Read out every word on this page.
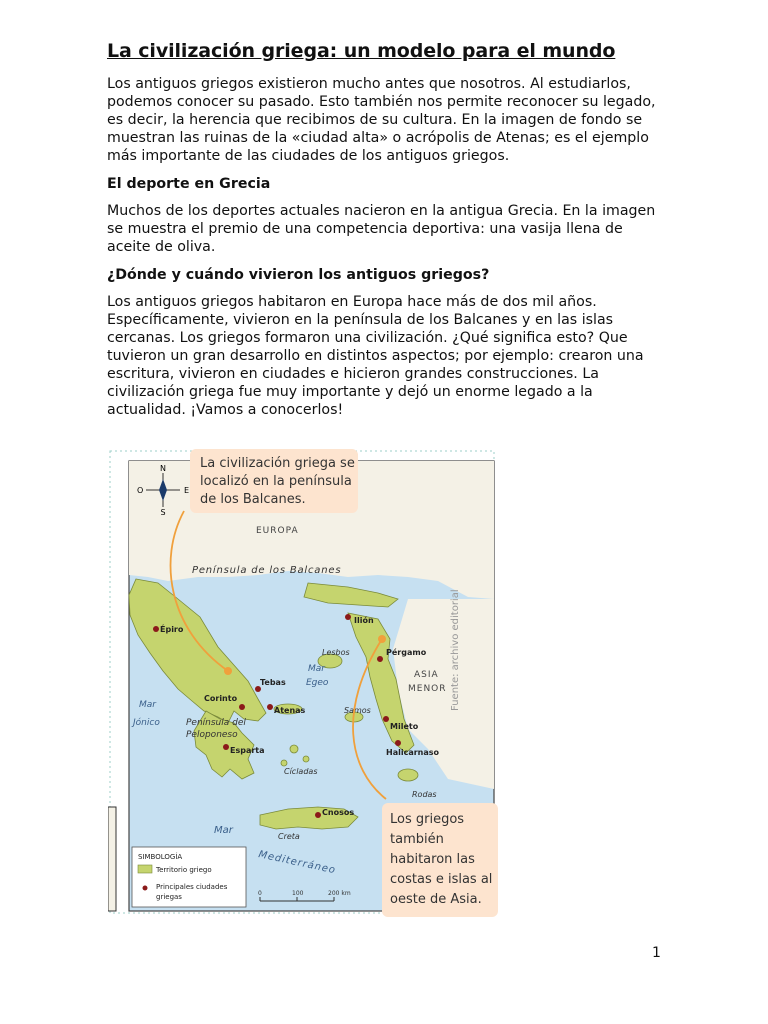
La civilización griega: un modelo para el mundo

Los antiguos griegos existieron mucho antes que nosotros. Al estudiarlos, podemos conocer su pasado. Esto también nos permite reconocer su legado, es decir, la herencia que recibimos de su cultura. En la imagen de fondo se muestran las ruinas de la «ciudad alta» o acrópolis de Atenas; es el ejemplo más importante de las ciudades de los antiguos griegos.

El deporte en Grecia

Muchos de los deportes actuales nacieron en la antigua Grecia. En la imagen se muestra el premio de una competencia deportiva: una vasija llena de aceite de oliva.

¿Dónde y cuándo vivieron los antiguos griegos?

Los antiguos griegos habitaron en Europa hace más de dos mil años. Específicamente, vivieron en la península de los Balcanes y en las islas cercanas. Los griegos formaron una civilización. ¿Qué significa esto? Que tuvieron un gran desarrollo en distintos aspectos; por ejemplo: crearon una escritura, vivieron en ciudades e hicieron grandes construcciones. La civilización griega fue muy importante y dejó un enorme legado a la actualidad. ¡Vamos a conocerlos!

N
S
E
O
EUROPA
Península de los Balcanes
ASIA
MENOR
Mar
Egeo
Mar
Jónico	Península del
Peloponeso
Mar
Mediterráneo
Lesbos
Samos
Cícladas
Rodas
Creta
Épiro
Ilión
Pérgamo
Tebas
Corinto
Atenas
Esparta
Mileto
Halicarnaso
Cnosos
Fuente: archivo editorial
La civilización griega se
localizó en la península
de los Balcanes.
Los griegos
también
habitaron las
costas e islas al
oeste de Asia.
SIMBOLOGÍA
Territorio griego
Principales ciudades
griegas	0	100	200 km
1
